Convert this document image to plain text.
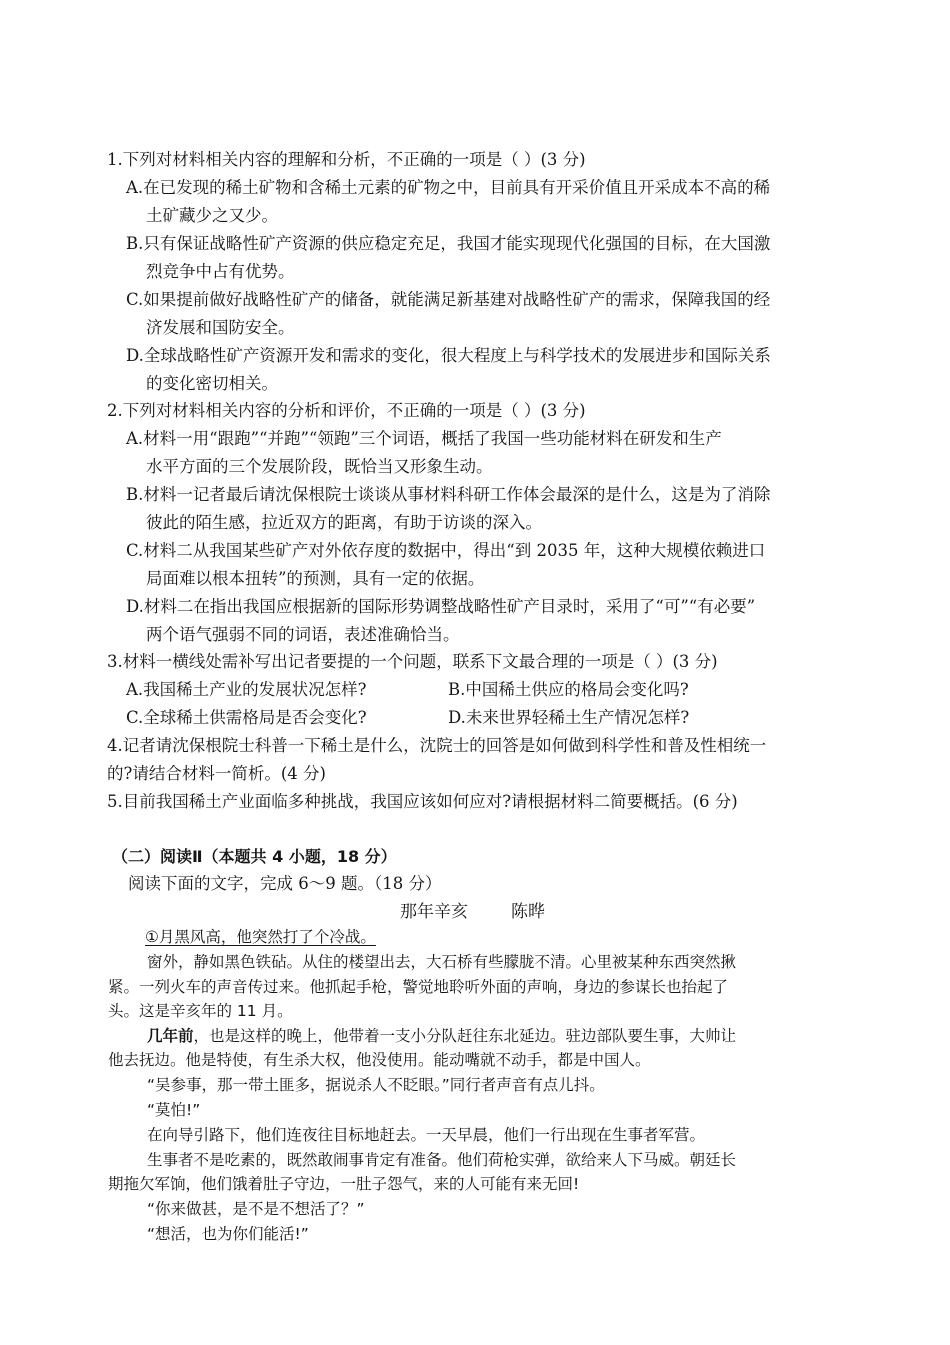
1.下列对材料相关内容的理解和分析，不正确的一项是（ ）(3 分)
A.在已发现的稀土矿物和含稀土元素的矿物之中，目前具有开采价值且开采成本不高的稀
土矿藏少之又少。
B.只有保证战略性矿产资源的供应稳定充足，我国才能实现现代化强国的目标，在大国激
烈竞争中占有优势。
C.如果提前做好战略性矿产的储备，就能满足新基建对战略性矿产的需求，保障我国的经
济发展和国防安全。
D.全球战略性矿产资源开发和需求的变化，很大程度上与科学技术的发展进步和国际关系
的变化密切相关。
2.下列对材料相关内容的分析和评价，不正确的一项是（ ）(3 分)
A.材料一用“跟跑”“并跑”“领跑”三个词语，概括了我国一些功能材料在研发和生产
水平方面的三个发展阶段，既恰当又形象生动。
B.材料一记者最后请沈保根院士谈谈从事材料科研工作体会最深的是什么，这是为了消除
彼此的陌生感，拉近双方的距离，有助于访谈的深入。
C.材料二从我国某些矿产对外依存度的数据中，得出“到 2035 年，这种大规模依赖进口
局面难以根本扭转”的预测，具有一定的依据。
D.材料二在指出我国应根据新的国际形势调整战略性矿产目录时，采用了“可”“有必要”
两个语气强弱不同的词语，表述准确恰当。
3.材料一横线处需补写出记者要提的一个问题，联系下文最合理的一项是（ ）(3 分)
A.我国稀土产业的发展状况怎样?	B.中国稀土供应的格局会变化吗?
C.全球稀土供需格局是否会变化?	D.未来世界轻稀土生产情况怎样?
4.记者请沈保根院士科普一下稀土是什么，沈院士的回答是如何做到科学性和普及性相统一
的?请结合材料一简析。(4 分)
5.目前我国稀土产业面临多种挑战，我国应该如何应对?请根据材料二简要概括。(6 分)
（二）阅读Ⅱ（本题共 4 小题，18 分）
阅读下面的文字，完成 6～9 题。（18 分）
那年辛亥	陈晔
①月黑风高，他突然打了个冷战。
窗外，静如黑色铁砧。从住的楼望出去，大石桥有些朦胧不清。心里被某种东西突然揪
紧。一列火车的声音传过来。他抓起手枪，警觉地聆听外面的声响，身边的参谋长也抬起了
头。这是辛亥年的 11 月。
几年前，也是这样的晚上，他带着一支小分队赶往东北延边。驻边部队要生事，大帅让
他去抚边。他是特使，有生杀大权，他没使用。能动嘴就不动手，都是中国人。
“吴参事，那一带土匪多，据说杀人不眨眼。”同行者声音有点儿抖。
“莫怕!”
在向导引路下，他们连夜往目标地赶去。一天早晨，他们一行出现在生事者军营。
生事者不是吃素的，既然敢闹事肯定有准备。他们荷枪实弹，欲给来人下马威。朝廷长
期拖欠军饷，他们饿着肚子守边，一肚子怨气，来的人可能有来无回!
“你来做甚，是不是不想活了？”
“想活，也为你们能活!”
